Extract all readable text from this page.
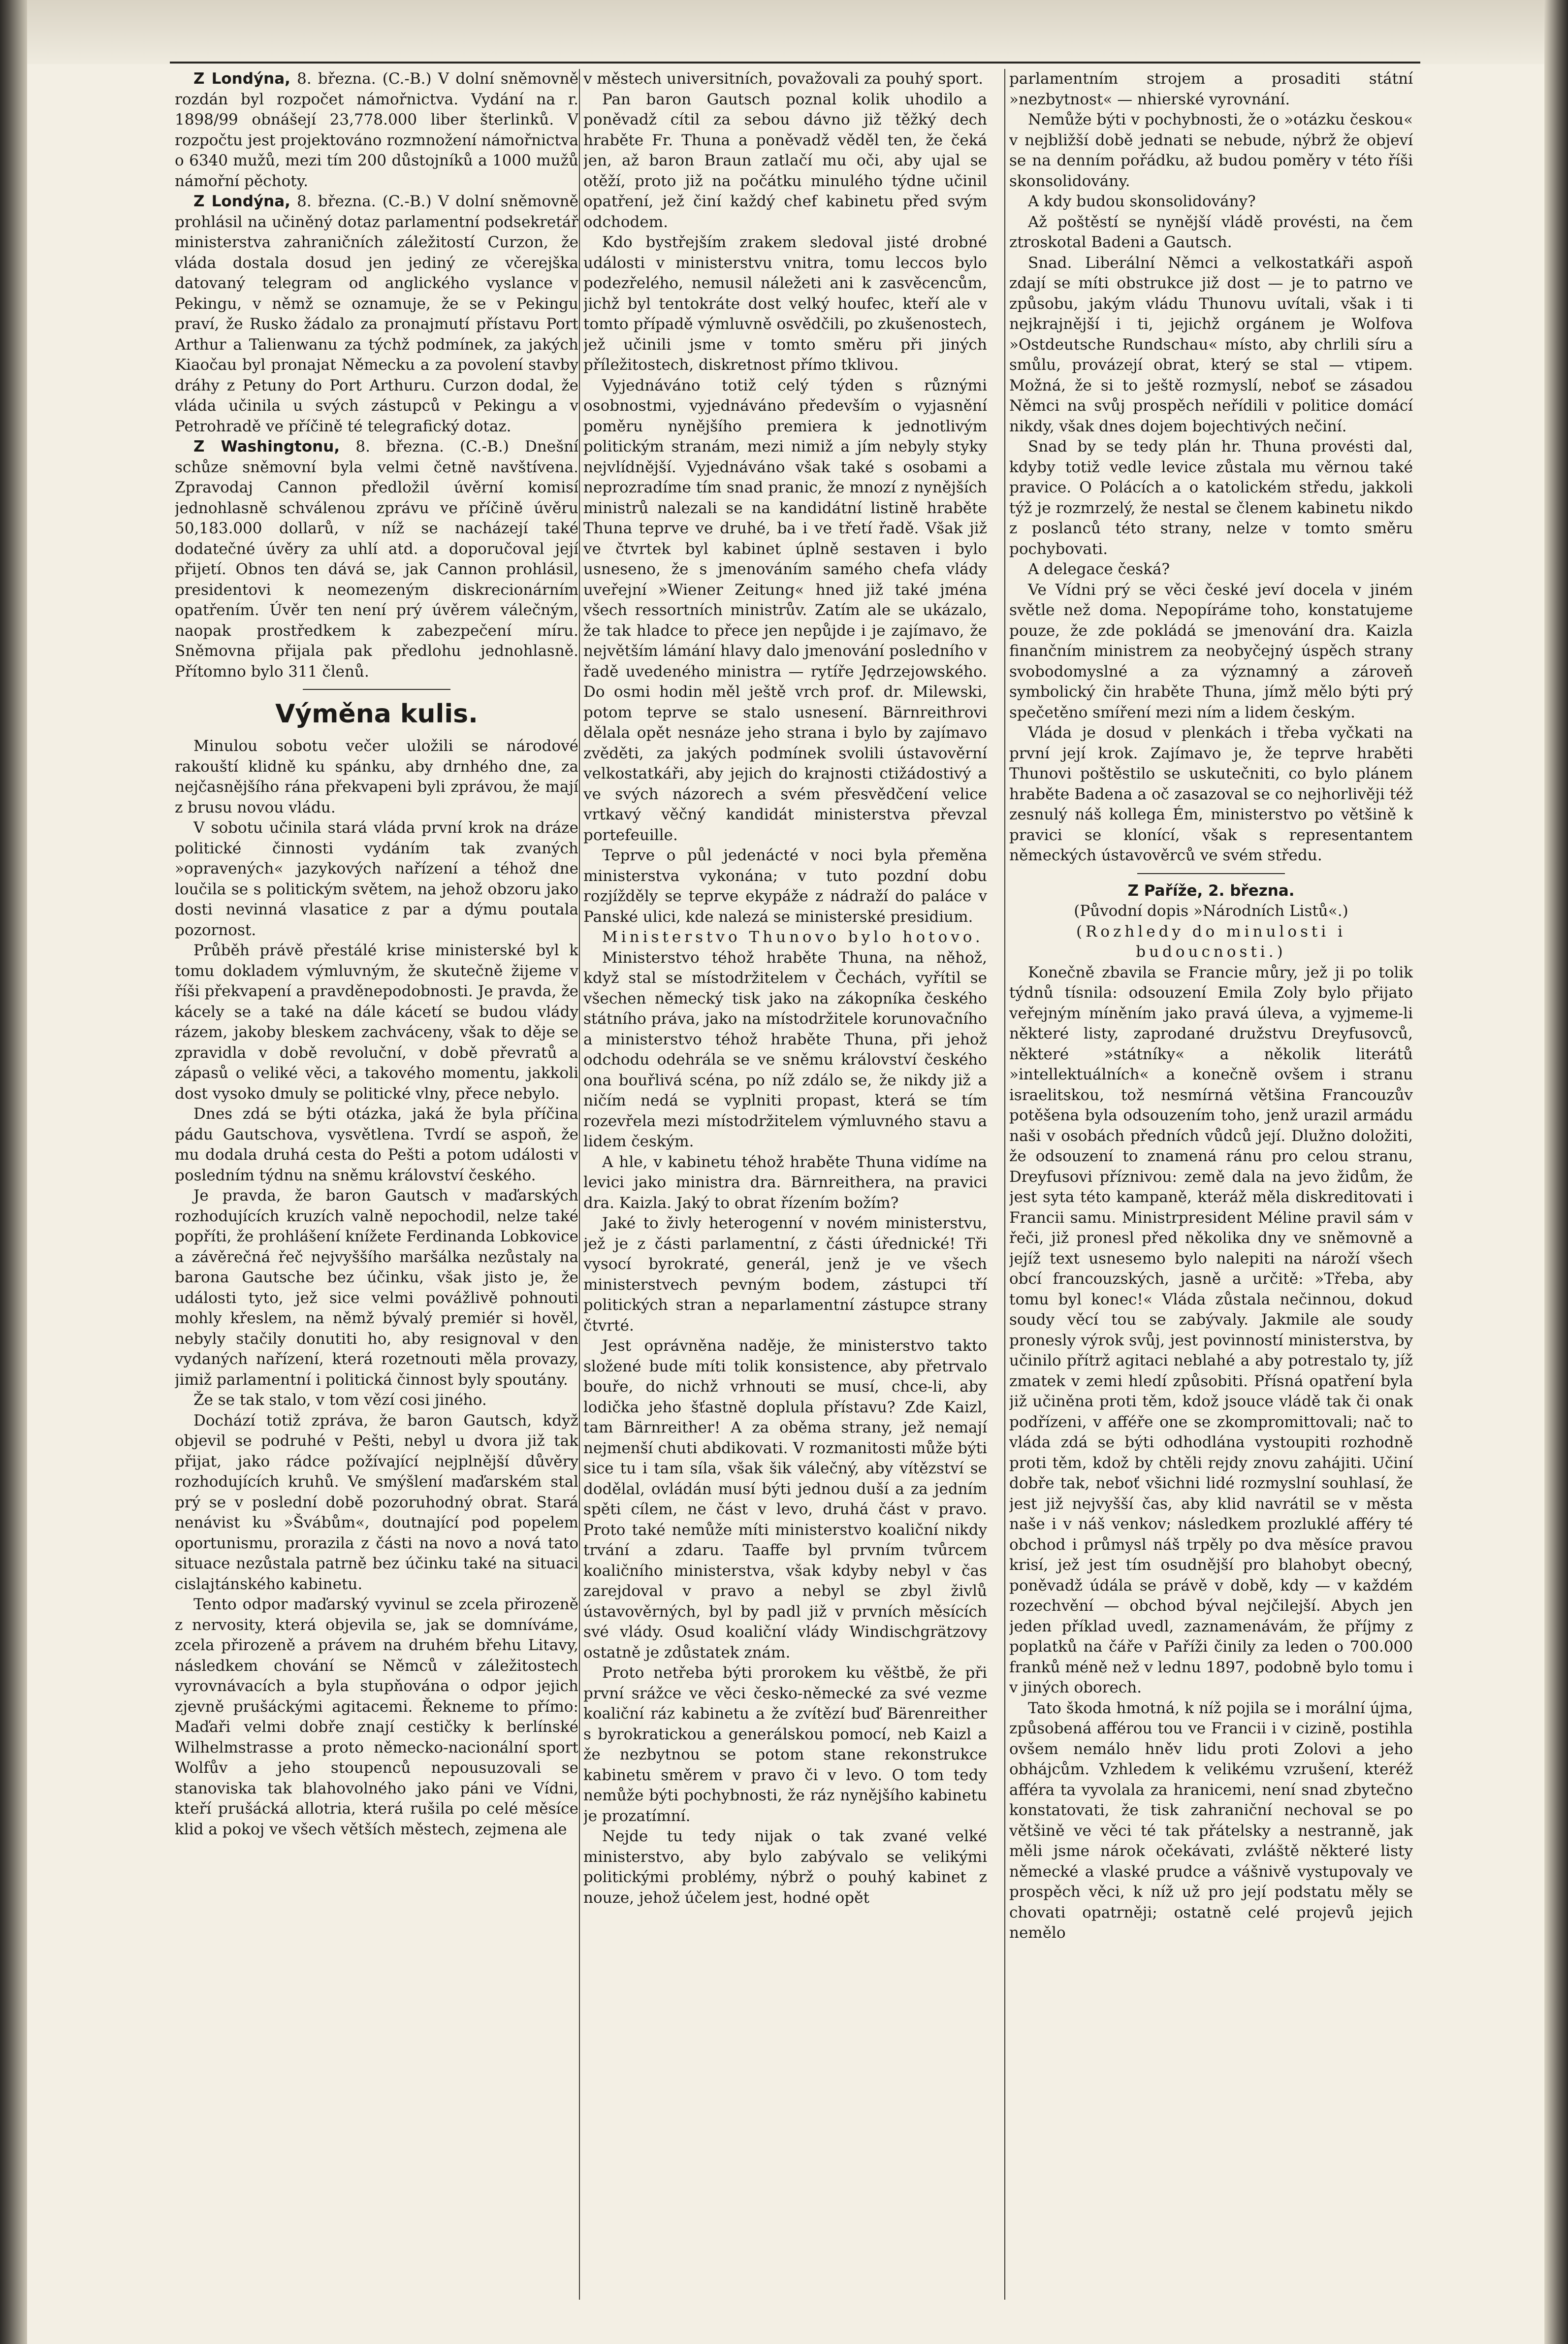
Z Londýna, 8. března. (C.-B.) V dolní sněmovně rozdán byl rozpočet námořnictva. Vydání na r. 1898/99 obnášejí 23,778.000 liber šterlinků. V rozpočtu jest projektováno rozmnožení námořnictva o 6340 mužů, mezi tím 200 důstojníků a 1000 mužů námořní pěchoty.

Z Londýna, 8. března. (C.-B.) V dolní sněmovně prohlásil na učiněný dotaz parlamentní podsekretář ministerstva zahraničních záležitostí Curzon, že vláda dostala dosud jen jediný ze včerejška datovaný telegram od anglického vyslance v Pekingu, v němž se oznamuje, že se v Pekingu praví, že Rusko žádalo za pronajmutí přístavu Port Arthur a Talienwanu za týchž podmínek, za jakých Kiaočau byl pronajat Německu a za povolení stavby dráhy z Petuny do Port Arthuru. Curzon dodal, že vláda učinila u svých zástupců v Pekingu a v Petrohradě ve příčině té telegrafický dotaz.

Z Washingtonu, 8. března. (C.-B.) Dnešní schůze sněmovní byla velmi četně navštívena. Zpravodaj Cannon předložil úvěrní komisí jednohlasně schválenou zprávu ve příčině úvěru 50,183.000 dollarů, v níž se nacházejí také dodatečné úvěry za uhlí atd. a doporučoval její přijetí. Obnos ten dává se, jak Cannon prohlásil, presidentovi k neomezeným diskrecionárním opatřením. Úvěr ten není prý úvěrem válečným, naopak prostředkem k zabezpečení míru. Sněmovna přijala pak předlohu jednohlasně. Přítomno bylo 311 členů.

Výměna kulis.

Minulou sobotu večer uložili se národové rakouští klidně ku spánku, aby drnhého dne, za nejčasnějšího rána překvapeni byli zprávou, že mají z brusu novou vládu.

V sobotu učinila stará vláda první krok na dráze politické činnosti vydáním tak zvaných »opravených« jazykových nařízení a téhož dne loučila se s politickým světem, na jehož obzoru jako dosti nevinná vlasatice z par a dýmu poutala pozornost.

Průběh právě přestálé krise ministerské byl k tomu dokladem výmluvným, že skutečně žijeme v říši překvapení a pravděnepodobnosti. Je pravda, že kácely se a také na dále kácetí se budou vlády rázem, jakoby bleskem zachváceny, však to děje se zpravidla v době revoluční, v době převratů a zápasů o veliké věci, a takového momentu, jakkoli dost vysoko dmuly se politické vlny, přece nebylo.

Dnes zdá se býti otázka, jaká že byla příčina pádu Gautschova, vysvětlena. Tvrdí se aspoň, že mu dodala druhá cesta do Pešti a potom události v posledním týdnu na sněmu království českého.

Je pravda, že baron Gautsch v maďarských rozhodujících kruzích valně nepochodil, nelze také popříti, že prohlášení knížete Ferdinanda Lobkovice a závěrečná řeč nejvyššího maršálka nezůstaly na barona Gautsche bez účinku, však jisto je, že události tyto, jež sice velmi povážlivě pohnouti mohly křeslem, na němž bývalý premiér si hověl, nebyly stačily donutiti ho, aby resignoval v den vydaných nařízení, která rozetnouti měla provazy, jimiž parlamentní i politická činnost byly spoutány.

Že se tak stalo, v tom vězí cosi jiného.

Dochází totiž zpráva, že baron Gautsch, když objevil se podruhé v Pešti, nebyl u dvora již tak přijat, jako rádce požívající nejplnější důvěry rozhodujících kruhů. Ve smýšlení maďarském stal prý se v poslední době pozoruhodný obrat. Stará nenávist ku »Švábům«, doutnající pod popelem oportunismu, prorazila z části na novo a nová tato situace nezůstala patrně bez účinku také na situaci cislajtánského kabinetu.

Tento odpor maďarský vyvinul se zcela přirozeně z nervosity, která objevila se, jak se domníváme, zcela přirozeně a právem na druhém břehu Litavy, následkem chování se Němců v záležitostech vyrovnávacích a byla stupňována o odpor jejich zjevně prušáckými agitacemi. Řekneme to přímo: Maďaři velmi dobře znají cestičky k berlínské Wilhelmstrasse a proto německo-nacionální sport Wolfův a jeho stoupenců nepousuzovali se stanoviska tak blahovolného jako páni ve Vídni, kteří prušácká allotria, která rušila po celé měsíce klid a pokoj ve všech větších městech, zejmena ale

v městech universitních, považovali za pouhý sport.

Pan baron Gautsch poznal kolik uhodilo a poněvadž cítil za sebou dávno již těžký dech hraběte Fr. Thuna a poněvadž věděl ten, že čeká jen, až baron Braun zatlačí mu oči, aby ujal se otěží, proto již na počátku minulého týdne učinil opatření, jež činí každý chef kabinetu před svým odchodem.

Kdo bystřejším zrakem sledoval jisté drobné události v ministerstvu vnitra, tomu leccos bylo podezřelého, nemusil náležeti ani k zasvěcencům, jichž byl tentokráte dost velký houfec, kteří ale v tomto případě výmluvně osvědčili, po zkušenostech, jež učinili jsme v tomto směru při jiných příležitostech, diskretnost přímo tklivou.

Vyjednáváno totiž celý týden s různými osobnostmi, vyjednáváno především o vyjasnění poměru nynějšího premiera k jednotlivým politickým stranám, mezi nimiž a jím nebyly styky nejvlídnější. Vyjednáváno však také s osobami a neprozradíme tím snad pranic, že mnozí z nynějších ministrů nalezali se na kandidátní listině hraběte Thuna teprve ve druhé, ba i ve třetí řadě. Však již ve čtvrtek byl kabinet úplně sestaven i bylo usneseno, že s jmenováním samého chefa vlády uveřejní »Wiener Zeitung« hned již také jména všech ressortních ministrův. Zatím ale se ukázalo, že tak hladce to přece jen nepůjde i je zajímavo, že největším lámání hlavy dalo jmenování posledního v řadě uvedeného ministra — rytíře Jędrzejowského. Do osmi hodin měl ještě vrch prof. dr. Milewski, potom teprve se stalo usnesení. Bärnreithrovi dělala opět nesnáze jeho strana i bylo by zajímavo zvěděti, za jakých podmínek svolili ústavověrní velkostatkáři, aby jejich do krajnosti ctižádostivý a ve svých názorech a svém přesvědčení velice vrtkavý věčný kandidát ministerstva převzal portefeuille.

Teprve o půl jedenácté v noci byla přeměna ministerstva vykonána; v tuto pozdní dobu rozjížděly se teprve ekypáže z nádraží do paláce v Panské ulici, kde nalezá se ministerské presidium.

Ministerstvo Thunovo bylo hotovo.

Ministerstvo téhož hraběte Thuna, na něhož, když stal se místodržitelem v Čechách, vyřítil se všechen německý tisk jako na zákopníka českého státního práva, jako na místodržitele korunovačního a ministerstvo téhož hraběte Thuna, při jehož odchodu odehrála se ve sněmu království českého ona bouřlivá scéna, po níž zdálo se, že nikdy již a ničím nedá se vyplniti propast, která se tím rozevřela mezi místodržitelem výmluvného stavu a lidem českým.

A hle, v kabinetu téhož hraběte Thuna vidíme na levici jako ministra dra. Bärnreithera, na pravici dra. Kaizla. Jaký to obrat řízením božím?

Jaké to živly heterogenní v novém ministerstvu, jež je z části parlamentní, z části úřednické! Tři vysocí byrokraté, generál, jenž je ve všech ministerstvech pevným bodem, zástupci tří politických stran a neparlamentní zástupce strany čtvrté.

Jest oprávněna naděje, že ministerstvo takto složené bude míti tolik konsistence, aby přetrvalo bouře, do nichž vrhnouti se musí, chce-li, aby lodička jeho šťastně doplula přístavu? Zde Kaizl, tam Bärnreither! A za oběma strany, jež nemají nejmenší chuti abdikovati. V rozmanitosti může býti sice tu i tam síla, však šik válečný, aby vítězství se dodělal, ovládán musí býti jednou duší a za jedním spěti cílem, ne část v levo, druhá část v pravo. Proto také nemůže míti ministerstvo koaliční nikdy trvání a zdaru. Taaffe byl prvním tvůrcem koaličního ministerstva, však kdyby nebyl v čas zarejdoval v pravo a nebyl se zbyl živlů ústavověrných, byl by padl již v prvních měsících své vlády. Osud koaliční vlády Windischgrätzovy ostatně je zdůstatek znám.

Proto netřeba býti prorokem ku věštbě, že při první srážce ve věci česko-německé za své vezme koaliční ráz kabinetu a že zvítězí buď Bärenreither s byrokratickou a generálskou pomocí, neb Kaizl a že nezbytnou se potom stane rekonstrukce kabinetu směrem v pravo či v levo. O tom tedy nemůže býti pochybnosti, že ráz nynějšího kabinetu je prozatímní.

Nejde tu tedy nijak o tak zvané velké ministerstvo, aby bylo zabývalo se velikými politickými problémy, nýbrž o pouhý kabinet z nouze, jehož účelem jest, hodné opět

parlamentním strojem a prosaditi státní »nezbytnost« — nhierské vyrovnání.

Nemůže býti v pochybnosti, že o »otázku českou« v nejbližší době jednati se nebude, nýbrž že objeví se na denním pořádku, až budou poměry v této říši skonsolidovány.

A kdy budou skonsolidovány?

Až poštěstí se nynější vládě provésti, na čem ztroskotal Badeni a Gautsch.

Snad. Liberální Němci a velkostatkáři aspoň zdají se míti obstrukce již dost — je to patrno ve způsobu, jakým vládu Thunovu uvítali, však i ti nejkrajnější i ti, jejichž orgánem je Wolfova »Ostdeutsche Rundschau« místo, aby chrlili síru a smůlu, provázejí obrat, který se stal — vtipem. Možná, že si to ještě rozmyslí, neboť se zásadou Němci na svůj prospěch neřídili v politice domácí nikdy, však dnes dojem bojechtivých nečiní.

Snad by se tedy plán hr. Thuna provésti dal, kdyby totiž vedle levice zůstala mu věrnou také pravice. O Polácích a o katolickém středu, jakkoli týž je rozmrzelý, že nestal se členem kabinetu nikdo z poslanců této strany, nelze v tomto směru pochybovati.

A delegace česká?

Ve Vídni prý se věci české jeví docela v jiném světle než doma. Nepopíráme toho, konstatujeme pouze, že zde pokládá se jmenování dra. Kaizla finančním ministrem za neobyčejný úspěch strany svobodomyslné a za významný a zároveň symbolický čin hraběte Thuna, jímž mělo býti prý spečetěno smíření mezi ním a lidem českým.

Vláda je dosud v plenkách i třeba vyčkati na první její krok. Zajímavo je, že teprve hraběti Thunovi poštěstilo se uskutečniti, co bylo plánem hraběte Badena a oč zasazoval se co nejhorlivěji též zesnulý náš kollega Ém, ministerstvo po většině k pravici se klonící, však s representantem německých ústavověrců ve svém středu.

Z Paříže, 2. března.

(Původní dopis »Národních Listů«.)

(Rozhledy do minulosti i budoucnosti.)

Konečně zbavila se Francie můry, jež ji po tolik týdnů tísnila: odsouzení Emila Zoly bylo přijato veřejným míněním jako pravá úleva, a vyjmeme-li některé listy, zaprodané družstvu Dreyfusovců, některé »státníky« a několik literátů »intellektuálních« a konečně ovšem i stranu israelitskou, tož nesmírná většina Francouzův potěšena byla odsouzením toho, jenž urazil armádu naši v osobách předních vůdců její. Dlužno doložiti, že odsouzení to znamená ránu pro celou stranu, Dreyfusovi příznivou: země dala na jevo židům, že jest syta této kampaně, kteráž měla diskreditovati i Francii samu. Ministrpresident Méline pravil sám v řeči, již pronesl před několika dny ve sněmovně a jejíž text usnesemo bylo nalepiti na nároží všech obcí francouzských, jasně a určitě: »Třeba, aby tomu byl konec!« Vláda zůstala nečinnou, dokud soudy věcí tou se zabývaly. Jakmile ale soudy pronesly výrok svůj, jest povinností ministerstva, by učinilo přítrž agitaci neblahé a aby potrestalo ty, jíž zmatek v zemi hledí způsobiti. Přísná opatření byla již učiněna proti těm, kdož jsouce vládě tak či onak podřízeni, v afféře one se zkompromittovali; nač to vláda zdá se býti odhodlána vystoupiti rozhodně proti těm, kdož by chtěli rejdy znovu zahájiti. Učiní dobře tak, neboť všichni lidé rozmyslní souhlasí, že jest již nejvyšší čas, aby klid navrátil se v města naše i v náš venkov; následkem prozluklé afféry té obchod i průmysl náš trpěly po dva měsíce pravou krisí, jež jest tím osudnější pro blahobyt obecný, poněvadž údála se právě v době, kdy — v každém rozechvění — obchod býval nejčilejší. Abych jen jeden příklad uvedl, zaznamenávám, že příjmy z poplatků na čáře v Paříži činily za leden o 700.000 franků méně než v lednu 1897, podobně bylo tomu i v jiných oborech.

Tato škoda hmotná, k níž pojila se i morální újma, způsobená afférou tou ve Francii i v cizině, postihla ovšem nemálo hněv lidu proti Zolovi a jeho obhájcům. Vzhledem k velikému vzrušení, kteréž afféra ta vyvolala za hranicemi, není snad zbytečno konstatovati, že tisk zahraniční nechoval se po většině ve věci té tak přátelsky a nestranně, jak měli jsme nárok očekávati, zvláště některé listy německé a vlaské prudce a vášnivě vystupovaly ve prospěch věci, k níž už pro její podstatu měly se chovati opatrněji; ostatně celé projevů jejich nemělo
